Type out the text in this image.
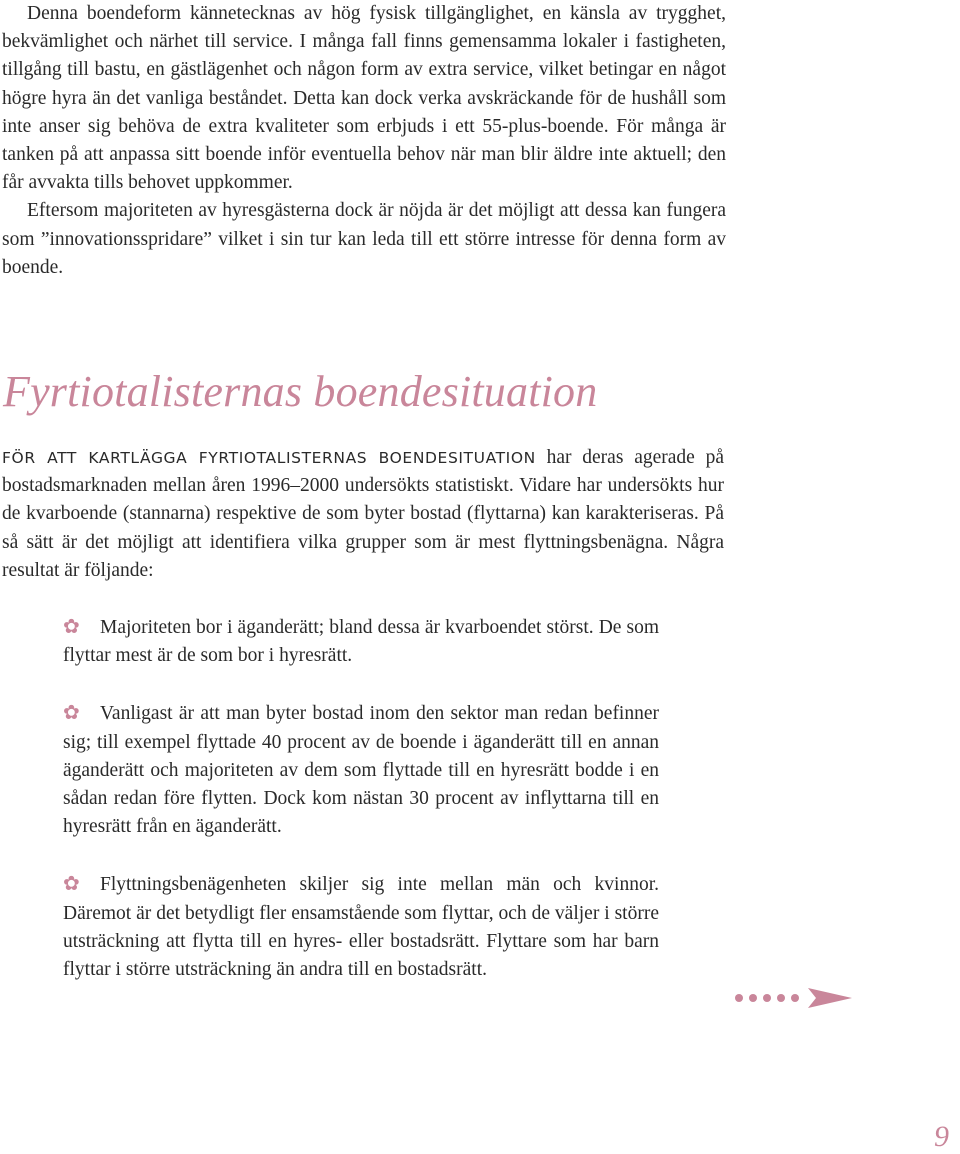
Denna boendeform kännetecknas av hög fysisk tillgänglighet, en känsla av trygghet, bekvämlighet och närhet till service. I många fall finns gemensamma lokaler i fastigheten, tillgång till bastu, en gästlägenhet och någon form av extra service, vilket betingar en något högre hyra än det vanliga beståndet. Detta kan dock verka avskräckande för de hushåll som inte anser sig behöva de extra kvaliteter som erbjuds i ett 55-plus-boende. För många är tanken på att anpassa sitt boende inför eventuella behov när man blir äldre inte aktuell; den får avvakta tills behovet uppkommer.

Eftersom majoriteten av hyresgästerna dock är nöjda är det möjligt att dessa kan fungera som ”innovationsspridare” vilket i sin tur kan leda till ett större intresse för denna form av boende.

Fyrtiotalisternas boendesituation

FÖR ATT KARTLÄGGA FYRTIOTALISTERNAS BOENDESITUATION har deras agerade på bostadsmarknaden mellan åren 1996–2000 undersökts statistiskt. Vidare har undersökts hur de kvarboende (stannarna) respektive de som byter bostad (flyttarna) kan karakteriseras. På så sätt är det möjligt att identifiera vilka grupper som är mest flyttningsbenägna. Några resultat är följande:

✿ Majoriteten bor i äganderätt; bland dessa är kvarboendet störst. De som flyttar mest är de som bor i hyresrätt.

✿ Vanligast är att man byter bostad inom den sektor man redan befinner sig; till exempel flyttade 40 procent av de boende i äganderätt till en annan äganderätt och majoriteten av dem som flyttade till en hyresrätt bodde i en sådan redan före flytten. Dock kom nästan 30 procent av inflyttarna till en hyresrätt från en äganderätt.

✿ Flyttningsbenägenheten skiljer sig inte mellan män och kvinnor. Däremot är det betydligt fler ensamstående som flyttar, och de väljer i större utsträckning att flytta till en hyres- eller bostadsrätt. Flyttare som har barn flyttar i större utsträckning än andra till en bostadsrätt.

9
